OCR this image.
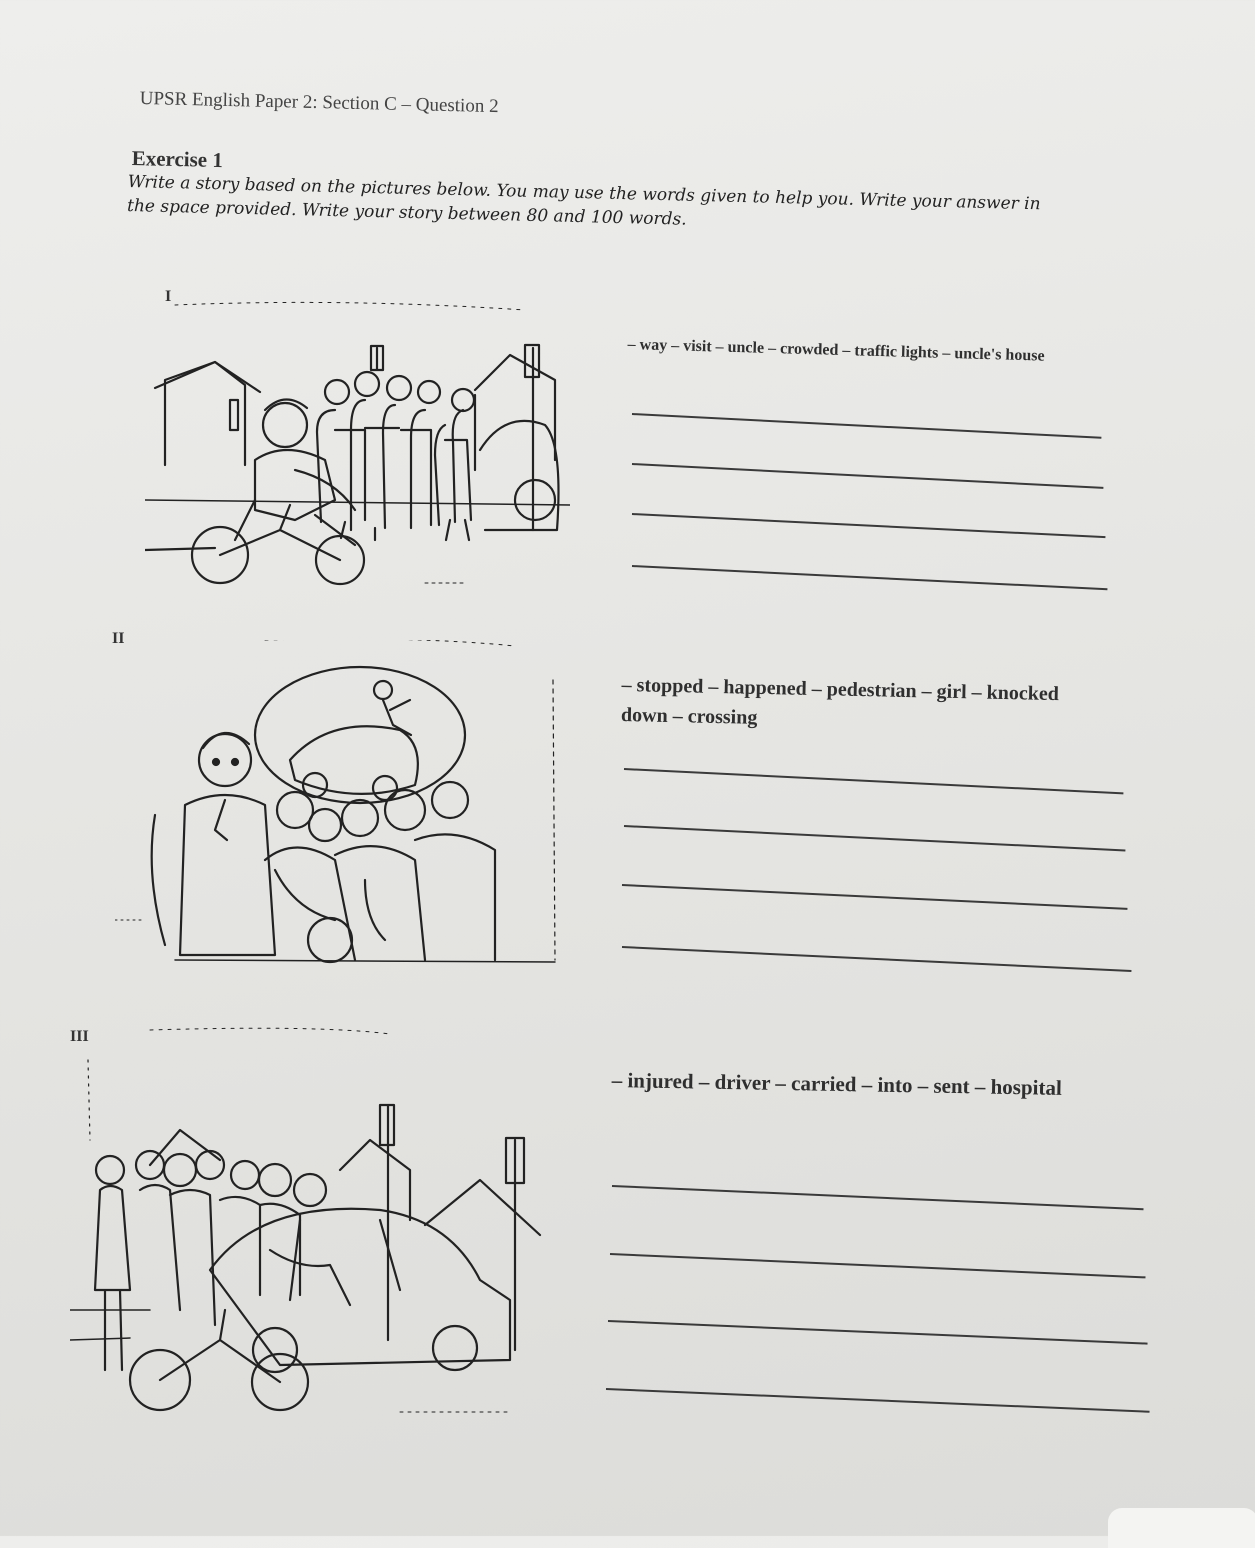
UPSR English Paper 2: Section C – Question 2
Exercise 1
Write a story based on the pictures below. You may use the words given to help you. Write your answer in the space provided. Write your story between 80 and 100 words.
I
– way – visit – uncle – crowded – traffic lights – uncle's house
II
– stopped – happened – pedestrian – girl – knocked down – crossing
III
– injured – driver – carried – into – sent – hospital
